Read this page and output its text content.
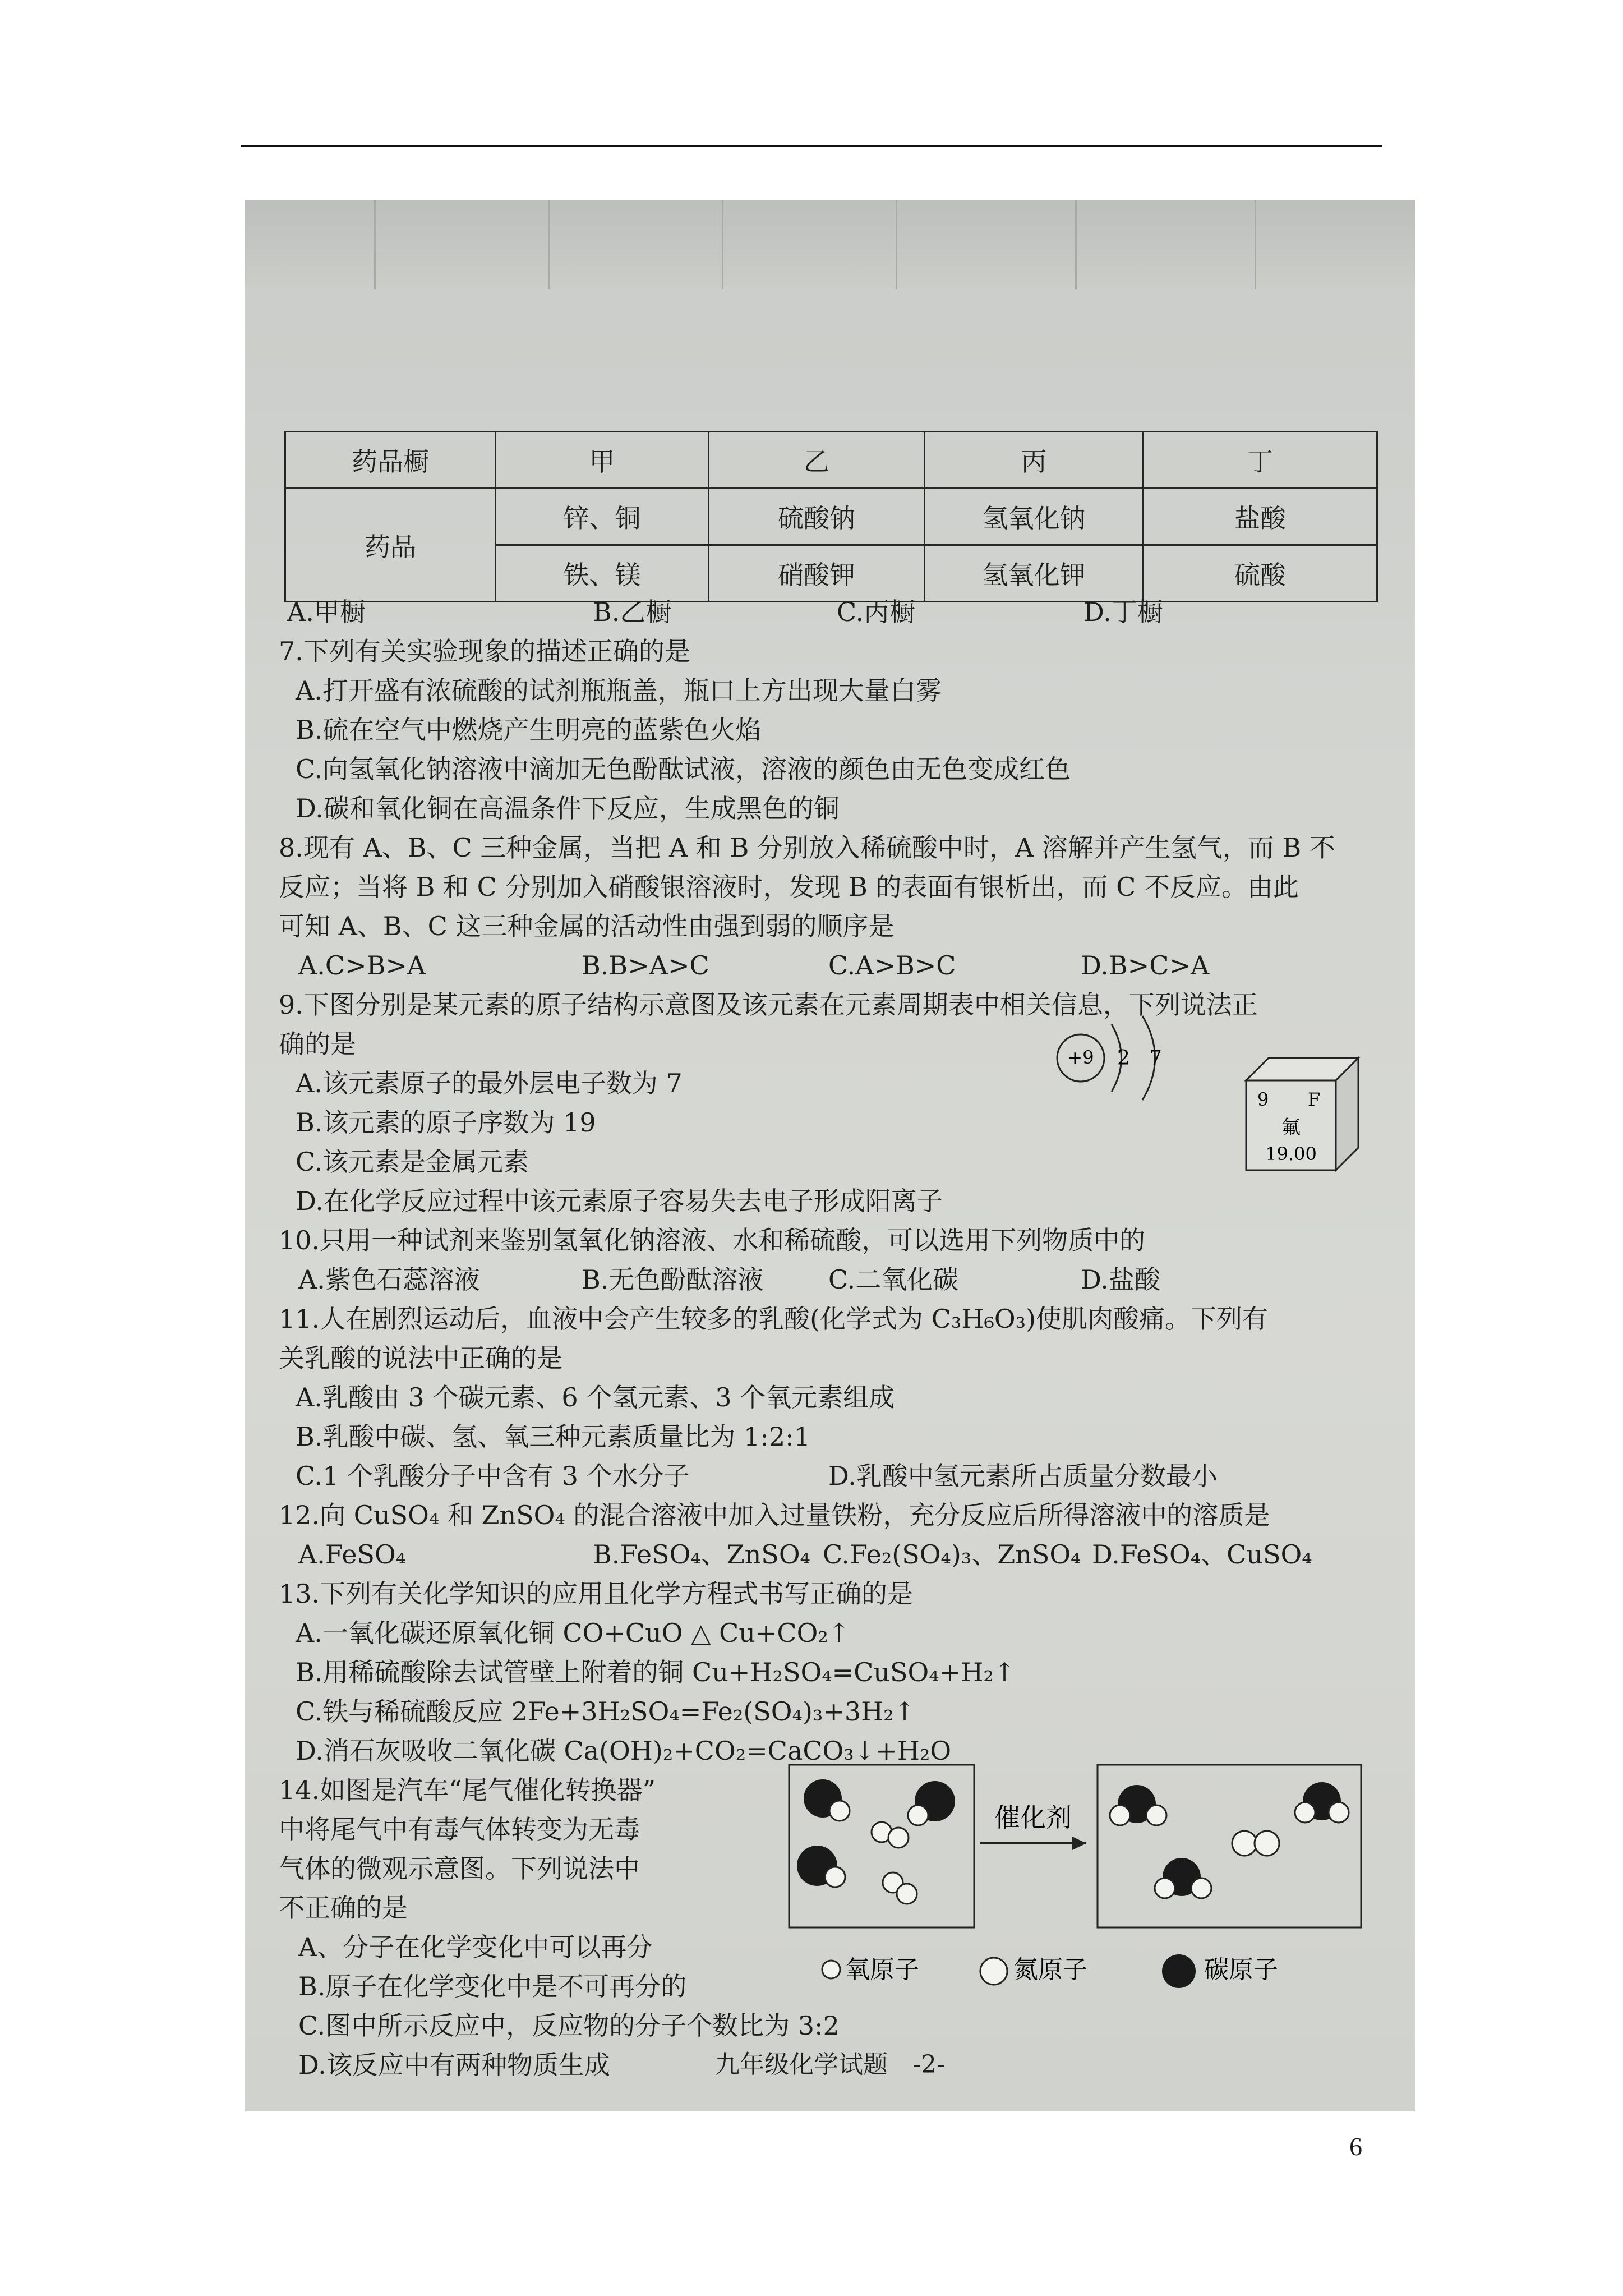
药品橱	甲	乙	丙	丁
药品	锌、铜	硫酸钠	氢氧化钠	盐酸
	铁、镁	硝酸钾	氢氧化钾	硫酸
A.甲橱	B.乙橱	C.丙橱	D.丁橱
7.下列有关实验现象的描述正确的是
A.打开盛有浓硫酸的试剂瓶瓶盖，瓶口上方出现大量白雾
B.硫在空气中燃烧产生明亮的蓝紫色火焰
C.向氢氧化钠溶液中滴加无色酚酞试液，溶液的颜色由无色变成红色
D.碳和氧化铜在高温条件下反应，生成黑色的铜
8.现有 A、B、C 三种金属，当把 A 和 B 分别放入稀硫酸中时，A 溶解并产生氢气，而 B 不
反应；当将 B 和 C 分别加入硝酸银溶液时，发现 B 的表面有银析出，而 C 不反应。由此
可知 A、B、C 这三种金属的活动性由强到弱的顺序是
A.C>B>A	B.B>A>C	C.A>B>C	D.B>C>A
9.下图分别是某元素的原子结构示意图及该元素在元素周期表中相关信息，下列说法正
确的是
A.该元素原子的最外层电子数为 7
B.该元素的原子序数为 19
C.该元素是金属元素
D.在化学反应过程中该元素原子容易失去电子形成阳离子
+9 2 7
9 F
氟
19.00
10.只用一种试剂来鉴别氢氧化钠溶液、水和稀硫酸，可以选用下列物质中的
A.紫色石蕊溶液	B.无色酚酞溶液	C.二氧化碳	D.盐酸
11.人在剧烈运动后，血液中会产生较多的乳酸(化学式为 C₃H₆O₃)使肌肉酸痛。下列有
关乳酸的说法中正确的是
A.乳酸由 3 个碳元素、6 个氢元素、3 个氧元素组成
B.乳酸中碳、氢、氧三种元素质量比为 1:2:1
C.1 个乳酸分子中含有 3 个水分子	D.乳酸中氢元素所占质量分数最小
12.向 CuSO₄ 和 ZnSO₄ 的混合溶液中加入过量铁粉，充分反应后所得溶液中的溶质是
A.FeSO₄	B.FeSO₄、ZnSO₄ C.Fe₂(SO₄)₃、ZnSO₄ D.FeSO₄、CuSO₄
13.下列有关化学知识的应用且化学方程式书写正确的是
A.一氧化碳还原氧化铜 CO+CuO △ Cu+CO₂↑
B.用稀硫酸除去试管壁上附着的铜 Cu+H₂SO₄=CuSO₄+H₂↑
C.铁与稀硫酸反应 2Fe+3H₂SO₄=Fe₂(SO₄)₃+3H₂↑
D.消石灰吸收二氧化碳 Ca(OH)₂+CO₂=CaCO₃↓+H₂O
14.如图是汽车“尾气催化转换器”
中将尾气中有毒气体转变为无毒
气体的微观示意图。下列说法中
不正确的是
A、分子在化学变化中可以再分
B.原子在化学变化中是不可再分的
C.图中所示反应中，反应物的分子个数比为 3:2
D.该反应中有两种物质生成
催化剂
氧原子	氮原子	碳原子
九年级化学试题　-2-
6
